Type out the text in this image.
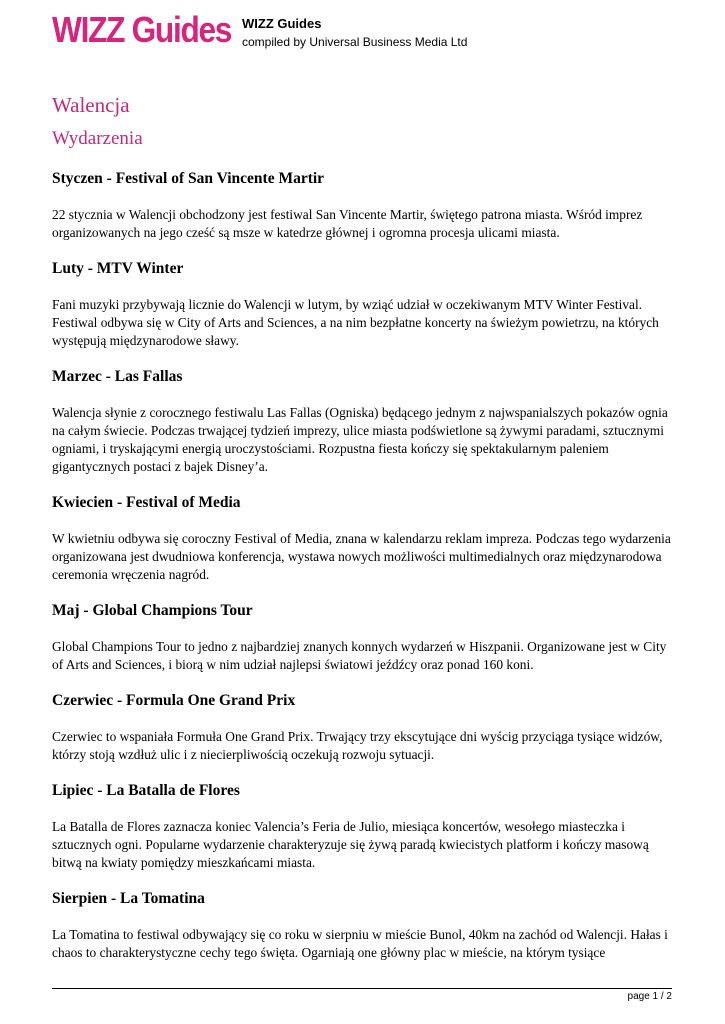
WIZZ Guides WIZZ Guides
compiled by Universal Business Media Ltd
Walencja
Wydarzenia
Styczen - Festival of San Vincente Martir

22 stycznia w Walencji obchodzony jest festiwal San Vincente Martir, świętego patrona miasta. Wśród imprez organizowanych na jego cześć są msze w katedrze głównej i ogromna procesja ulicami miasta.

Luty - MTV Winter

Fani muzyki przybywają licznie do Walencji w lutym, by wziąć udział w oczekiwanym MTV Winter Festival. Festiwal odbywa się w City of Arts and Sciences, a na nim bezpłatne koncerty na świeżym powietrzu, na których występują międzynarodowe sławy.

Marzec - Las Fallas

Walencja słynie z corocznego festiwalu Las Fallas (Ogniska) będącego jednym z najwspanialszych pokazów ognia na całym świecie. Podczas trwającej tydzień imprezy, ulice miasta podświetlone są żywymi paradami, sztucznymi ogniami, i tryskającymi energią uroczystościami. Rozpustna fiesta kończy się spektakularnym paleniem gigantycznych postaci z bajek Disney’a.

Kwiecien - Festival of Media

W kwietniu odbywa się coroczny Festival of Media, znana w kalendarzu reklam impreza. Podczas tego wydarzenia organizowana jest dwudniowa konferencja, wystawa nowych możliwości multimedialnych oraz międzynarodowa ceremonia wręczenia nagród.

Maj - Global Champions Tour

Global Champions Tour to jedno z najbardziej znanych konnych wydarzeń w Hiszpanii. Organizowane jest w City of Arts and Sciences, i biorą w nim udział najlepsi światowi jeźdźcy oraz ponad 160 koni.

Czerwiec - Formula One Grand Prix

Czerwiec to wspaniała Formuła One Grand Prix. Trwający trzy ekscytujące dni wyścig przyciąga tysiące widzów, którzy stoją wzdłuż ulic i z niecierpliwością oczekują rozwoju sytuacji.

Lipiec - La Batalla de Flores

La Batalla de Flores zaznacza koniec Valencia’s Feria de Julio, miesiąca koncertów, wesołego miasteczka i sztucznych ogni. Popularne wydarzenie charakteryzuje się żywą paradą kwiecistych platform i kończy masową bitwą na kwiaty pomiędzy mieszkańcami miasta.

Sierpien - La Tomatina

La Tomatina to festiwal odbywający się co roku w sierpniu w mieście Bunol, 40km na zachód od Walencji. Hałas i chaos to charakterystyczne cechy tego święta. Ogarniają one główny plac w mieście, na którym tysiące

page 1 / 2
